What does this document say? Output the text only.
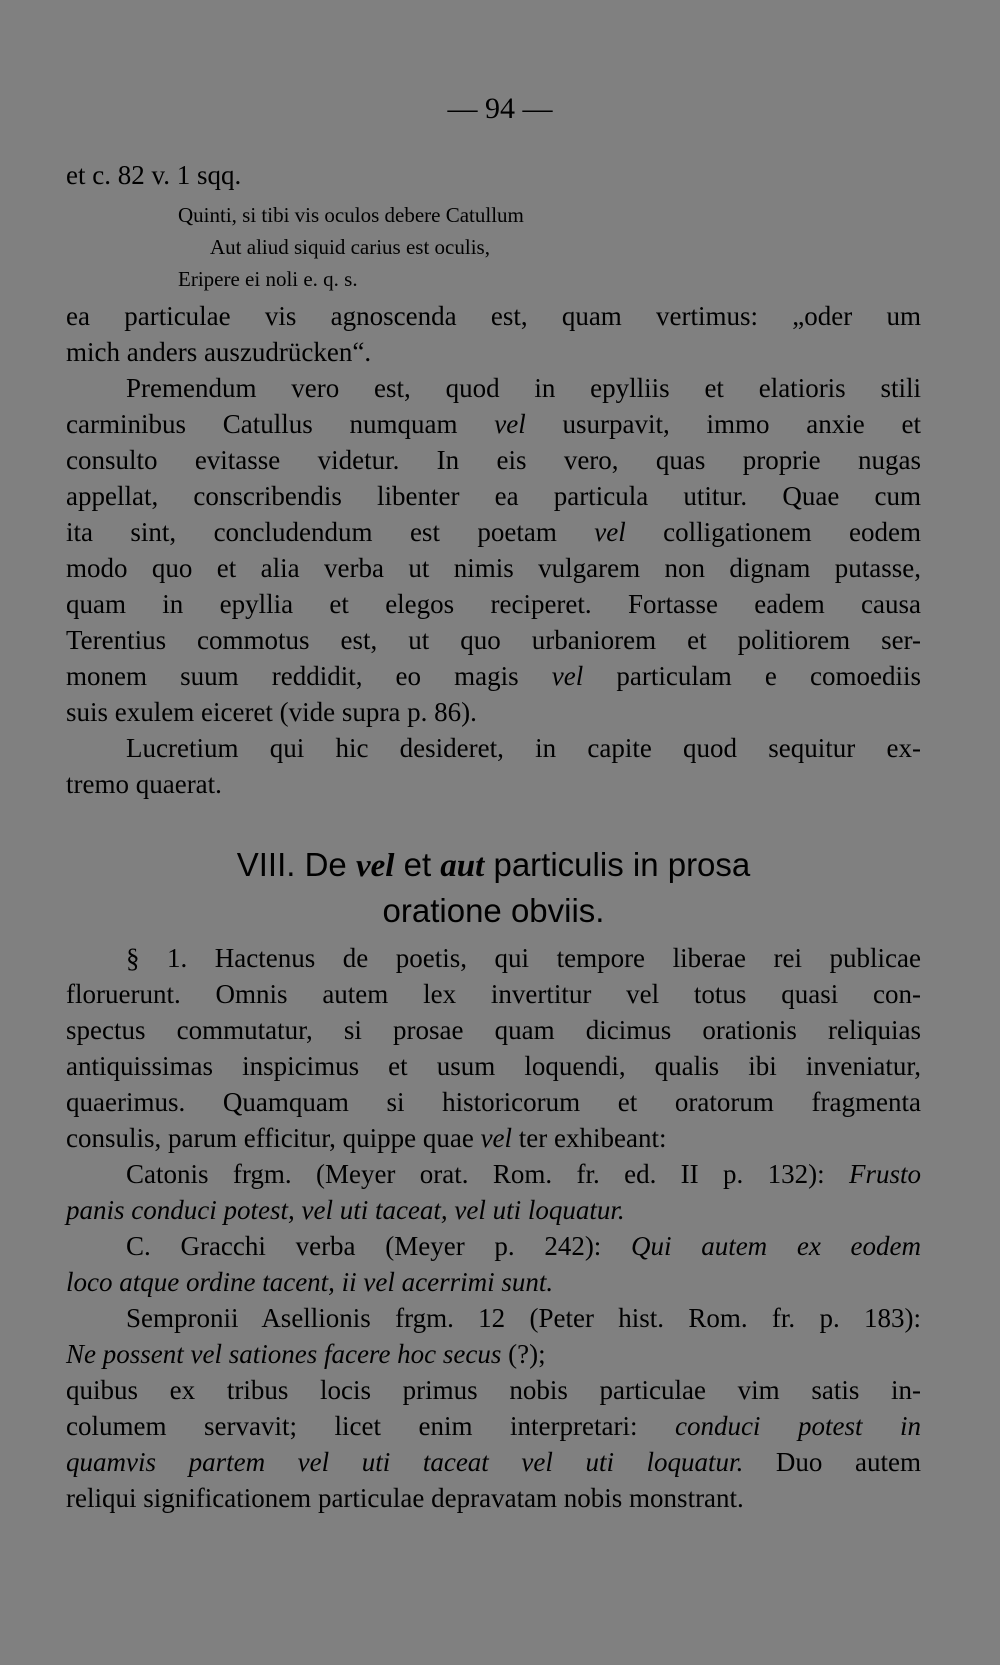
— 94 —
et c. 82 v. 1 sqq.
Quinti, si tibi vis oculos debere Catullum
Aut aliud siquid carius est oculis,
Eripere ei noli e. q. s.
ea particulae vis agnoscenda est, quam vertimus: „oder um
mich anders auszudrücken“.
Premendum vero est, quod in epylliis et elatioris stili
carminibus Catullus numquam vel usurpavit, immo anxie et
consulto evitasse videtur. In eis vero, quas proprie nugas
appellat, conscribendis libenter ea particula utitur. Quae cum
ita sint, concludendum est poetam vel colligationem eodem
modo quo et alia verba ut nimis vulgarem non dignam putasse,
quam in epyllia et elegos reciperet. Fortasse eadem causa
Terentius commotus est, ut quo urbaniorem et politiorem ser-
monem suum reddidit, eo magis vel particulam e comoediis
suis exulem eiceret (vide supra p. 86).
Lucretium qui hic desideret, in capite quod sequitur ex-
tremo quaerat.
VIII. De vel et aut particulis in prosa
oratione obviis.
§ 1. Hactenus de poetis, qui tempore liberae rei publicae
floruerunt. Omnis autem lex invertitur vel totus quasi con-
spectus commutatur, si prosae quam dicimus orationis reliquias
antiquissimas inspicimus et usum loquendi, qualis ibi inveniatur,
quaerimus. Quamquam si historicorum et oratorum fragmenta
consulis, parum efficitur, quippe quae vel ter exhibeant:
Catonis frgm. (Meyer orat. Rom. fr. ed. II p. 132): Frusto
panis conduci potest, vel uti taceat, vel uti loquatur.
C. Gracchi verba (Meyer p. 242): Qui autem ex eodem
loco atque ordine tacent, ii vel acerrimi sunt.
Sempronii Asellionis frgm. 12 (Peter hist. Rom. fr. p. 183):
Ne possent vel sationes facere hoc secus (?);
quibus ex tribus locis primus nobis particulae vim satis in-
columem servavit; licet enim interpretari: conduci potest in
quamvis partem vel uti taceat vel uti loquatur. Duo autem
reliqui significationem particulae depravatam nobis monstrant.
